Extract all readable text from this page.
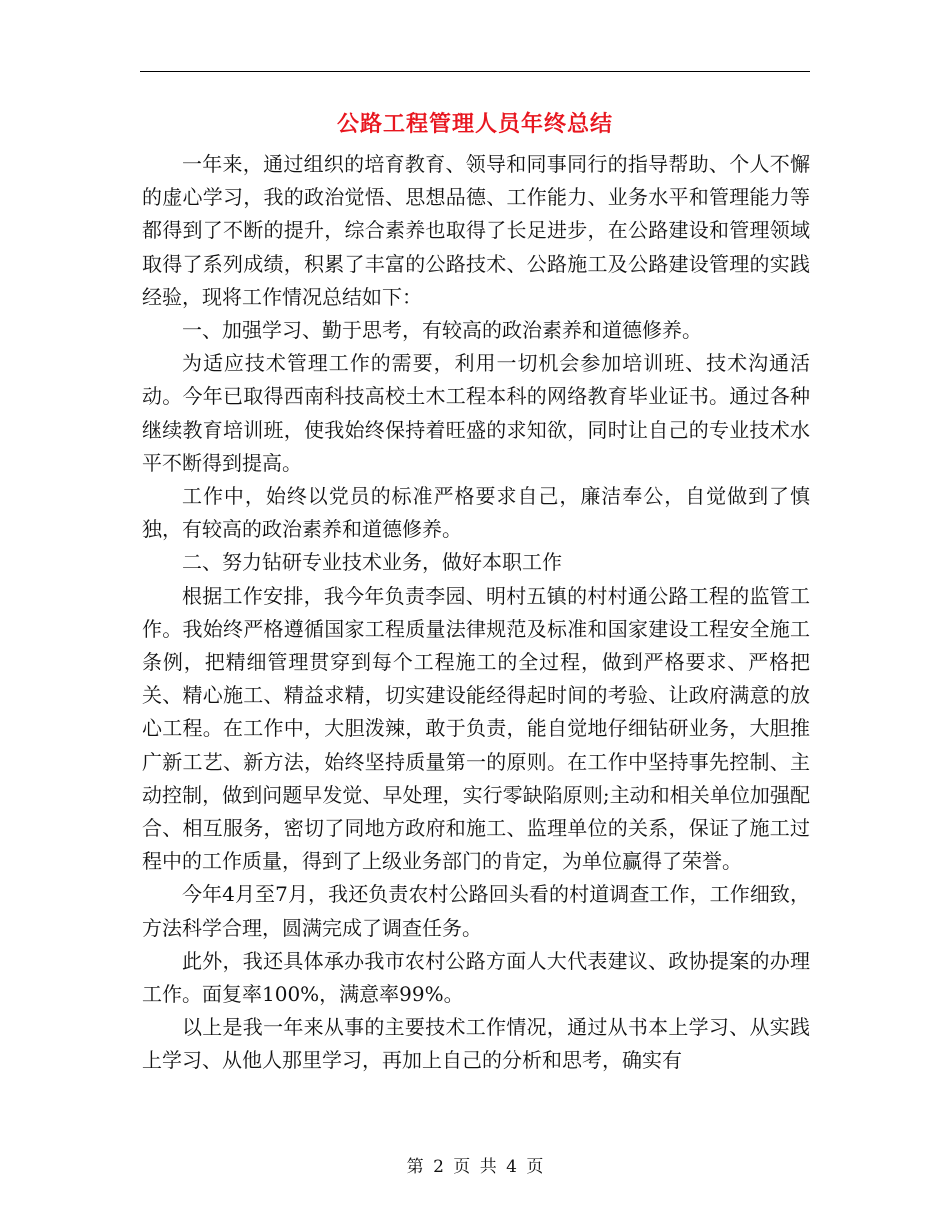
公路工程管理人员年终总结

一年来，通过组织的培育教育、领导和同事同行的指导帮助、个人不懈的虚心学习，我的政治觉悟、思想品德、工作能力、业务水平和管理能力等都得到了不断的提升，综合素养也取得了长足进步，在公路建设和管理领域取得了系列成绩，积累了丰富的公路技术、公路施工及公路建设管理的实践经验，现将工作情况总结如下：

一、加强学习、勤于思考，有较高的政治素养和道德修养。

为适应技术管理工作的需要，利用一切机会参加培训班、技术沟通活动。今年已取得西南科技高校土木工程本科的网络教育毕业证书。通过各种继续教育培训班，使我始终保持着旺盛的求知欲，同时让自己的专业技术水平不断得到提高。

工作中，始终以党员的标准严格要求自己，廉洁奉公，自觉做到了慎独，有较高的政治素养和道德修养。

二、努力钻研专业技术业务，做好本职工作

根据工作安排，我今年负责李园、明村五镇的村村通公路工程的监管工作。我始终严格遵循国家工程质量法律规范及标准和国家建设工程安全施工条例，把精细管理贯穿到每个工程施工的全过程，做到严格要求、严格把关、精心施工、精益求精，切实建设能经得起时间的考验、让政府满意的放心工程。在工作中，大胆泼辣，敢于负责，能自觉地仔细钻研业务，大胆推广新工艺、新方法，始终坚持质量第一的原则。在工作中坚持事先控制、主动控制，做到问题早发觉、早处理，实行零缺陷原则;主动和相关单位加强配合、相互服务，密切了同地方政府和施工、监理单位的关系，保证了施工过程中的工作质量，得到了上级业务部门的肯定，为单位赢得了荣誉。

今年4月至7月，我还负责农村公路回头看的村道调查工作，工作细致，方法科学合理，圆满完成了调查任务。

此外，我还具体承办我市农村公路方面人大代表建议、政协提案的办理工作。面复率100%，满意率99%。

以上是我一年来从事的主要技术工作情况，通过从书本上学习、从实践上学习、从他人那里学习，再加上自己的分析和思考，确实有

第 2 页 共 4 页
